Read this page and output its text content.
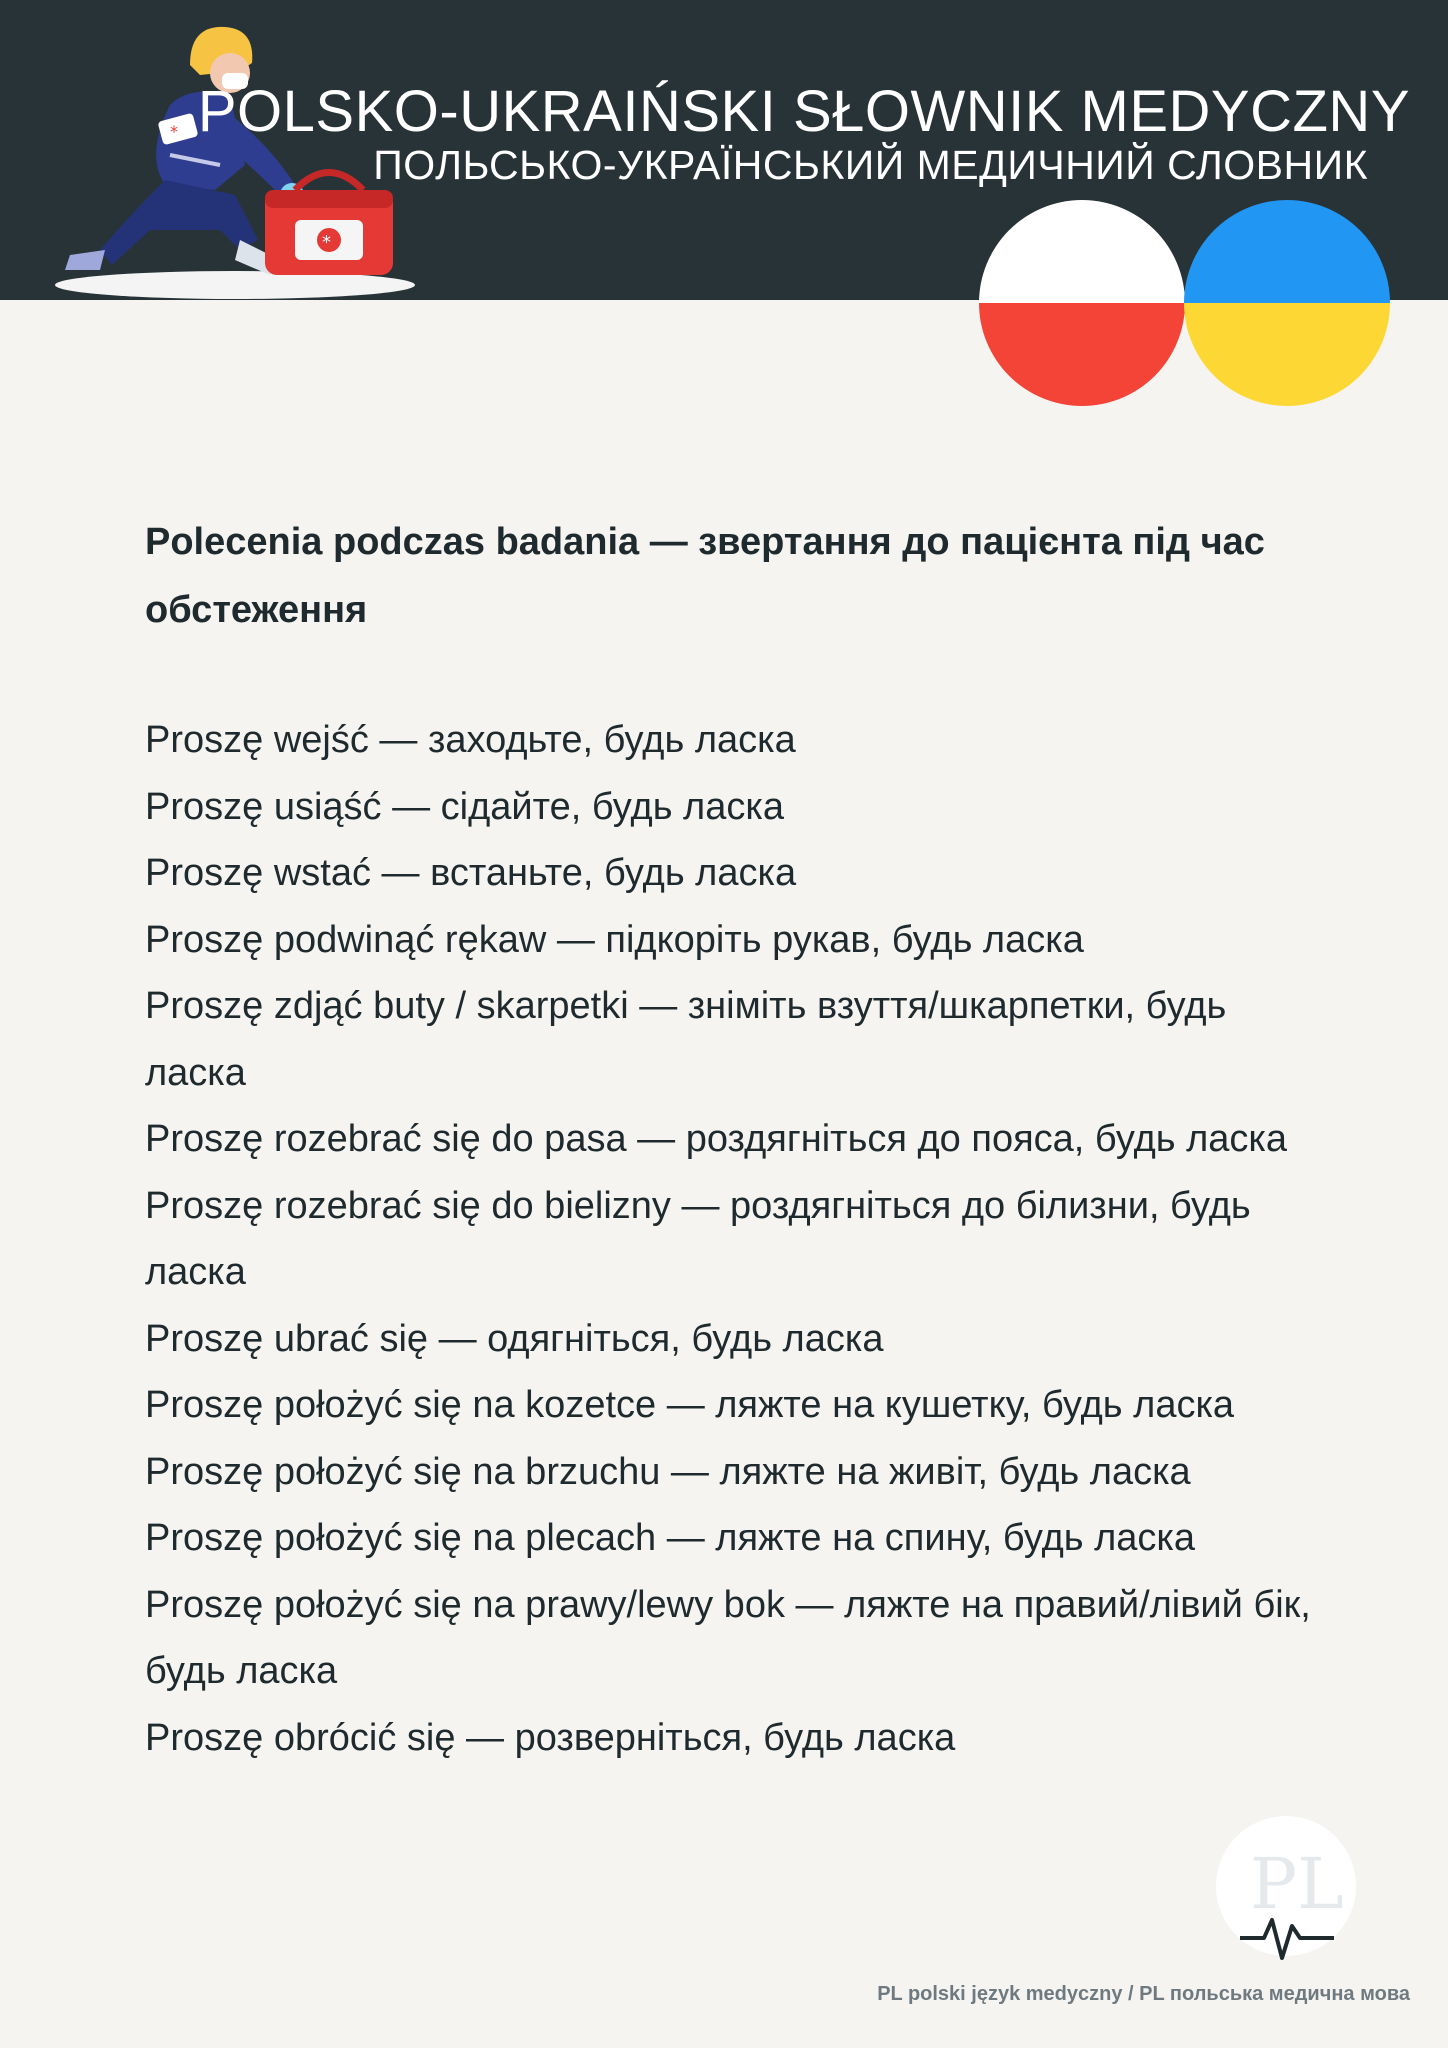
*
*
POLSKO-UKRAIŃSKI SŁOWNIK MEDYCZNY
ПОЛЬСЬКО-УКРАЇНСЬКИЙ МЕДИЧНИЙ СЛОВНИК
Polecenia podczas badania — звертання до пацієнта під час обстеження
Proszę wejść — заходьте, будь ласка
Proszę usiąść — сідайте, будь ласка
Proszę wstać — встаньте, будь ласка
Proszę podwinąć rękaw — підкоріть рукав, будь ласка
Proszę zdjąć buty / skarpetki — зніміть взуття/шкарпетки, будь ласка
Proszę rozebrać się do pasa — роздягніться до пояса, будь ласка
Proszę rozebrać się do bielizny — роздягніться до білизни, будь ласка
Proszę ubrać się — одягніться, будь ласка
Proszę położyć się na kozetce — ляжте на кушетку, будь ласка
Proszę położyć się na brzuchu — ляжте на живіт, будь ласка
Proszę położyć się na plecach — ляжте на спину, будь ласка
Proszę położyć się na prawy/lewy bok — ляжте на правий/лівий бік, будь ласка
Proszę obrócić się — розверніться, будь ласка
PL
PL polski język medyczny / PL польська медична мова
